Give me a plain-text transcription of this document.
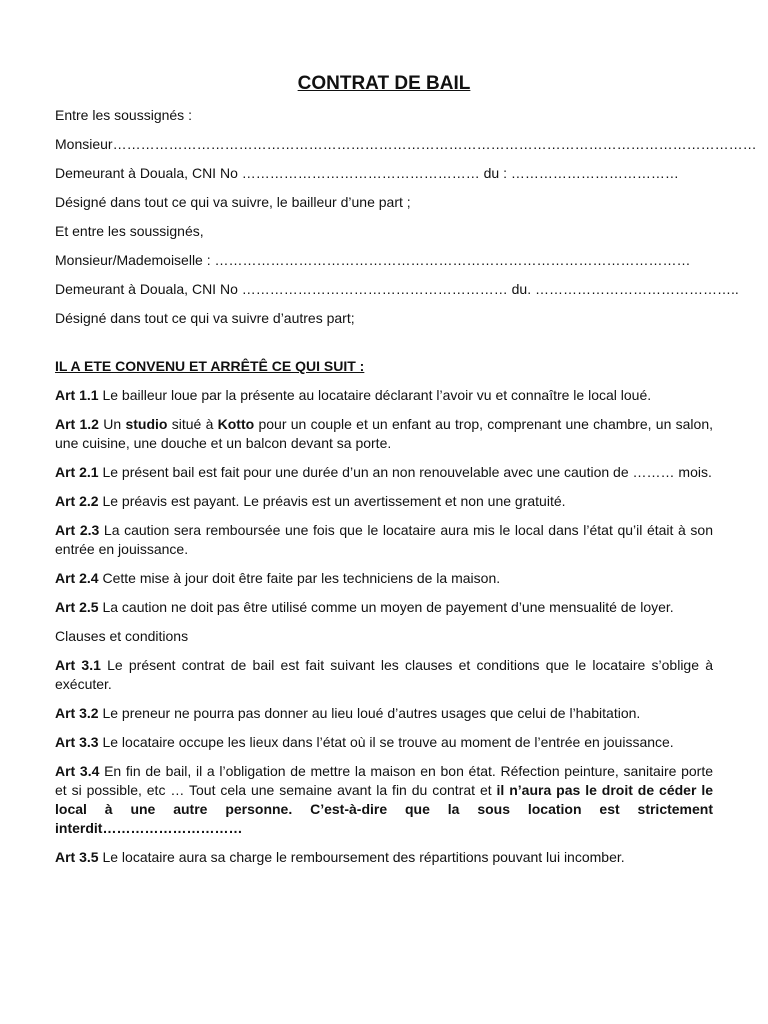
CONTRAT DE BAIL
Entre les soussignés :
Monsieur…………………………………………………………………………………………………………………………
Demeurant à Douala, CNI No …………………………………………… du : ………………………………
Désigné dans tout ce qui va suivre, le bailleur d’une part ;
Et entre les soussignés,
Monsieur/Mademoiselle : …………………………………………………………………………………………
Demeurant à Douala, CNI No ………………………………………………… du. ……………………………………..
Désigné dans tout ce qui va suivre d’autres part;
IL A ETE CONVENU ET ARRÊTÊ CE QUI SUIT :

Art 1.1 Le bailleur loue par la présente au locataire déclarant l’avoir vu et connaître le local loué.

Art 1.2 Un studio situé à Kotto pour un couple et un enfant au trop, comprenant une chambre, un salon, une cuisine, une douche et un balcon devant sa porte.

Art 2.1 Le présent bail est fait pour une durée d’un an non renouvelable avec une caution de ……… mois.

Art 2.2 Le préavis est payant. Le préavis est un avertissement et non une gratuité.

Art 2.3 La caution sera remboursée une fois que le locataire aura mis le local dans l’état qu’il était à son entrée en jouissance.

Art 2.4 Cette mise à jour doit être faite par les techniciens de la maison.

Art 2.5 La caution ne doit pas être utilisé comme un moyen de payement d’une mensualité de loyer.

Clauses et conditions

Art 3.1 Le présent contrat de bail est fait suivant les clauses et conditions que le locataire s’oblige à exécuter.

Art 3.2 Le preneur ne pourra pas donner au lieu loué d’autres usages que celui de l’habitation.

Art 3.3 Le locataire occupe les lieux dans l’état où il se trouve au moment de l’entrée en jouissance.

Art 3.4 En fin de bail, il a l’obligation de mettre la maison en bon état. Réfection peinture, sanitaire porte et si possible, etc … Tout cela une semaine avant la fin du contrat et il n’aura pas le droit de céder le local à une autre personne. C’est-à-dire que la sous location est strictement interdit…………………………

Art 3.5 Le locataire aura sa charge le remboursement des répartitions pouvant lui incomber.
